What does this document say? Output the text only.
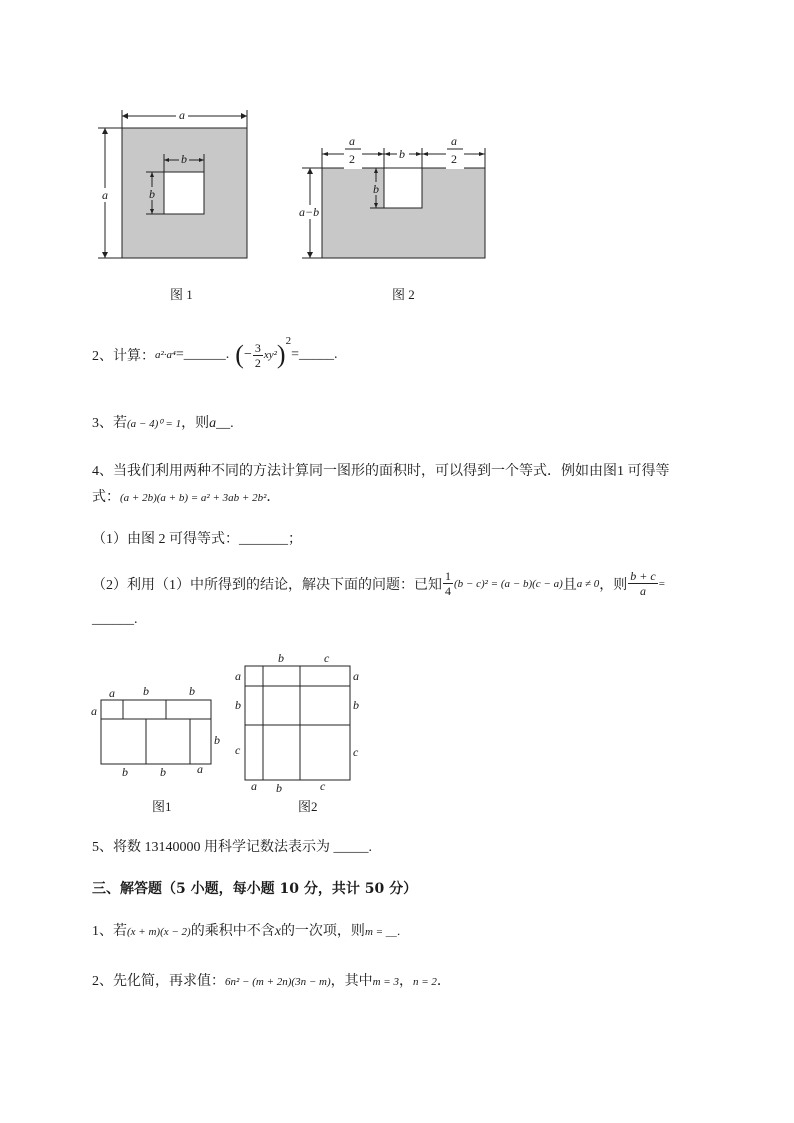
a
a
b
b
图 1
a
2	b
a
2
a−b
b
图 2
2、计算： a²·a⁴ =______. ( − $\frac{3}{2} xy^2$ ) 2
=_____.
3、若(a − 4)⁰ = 1，则a__.
4、当我们利用两种不同的方法计算同一图形的面积时，可以得到一个等式．例如由图1 可得等
式：(a + 2b)(a + b) = a² + 3ab + 2b²．
（1）由图 2 可得等式：_______；
（2）利用（1）中所得到的结论，解决下面的问题：已知 $\frac{1}{4} (b - c)^2 = (a - b)(c - a)$ 且 a ≠ 0 ，则 $\frac{b + c}{a}$ =
______.
a b	b
a
b
b	b	a
图1
b	c
a
b
c
a
b
c
a b	c
图2
5、将数 13140000 用科学记数法表示为 _____.
三、解答题（5 小题，每小题 10 分，共计 50 分）
1、若(x + m)(x − 2)的乘积中不含x的一次项，则m = __．
2、先化简，再求值：6n² − (m + 2n)(3n − m)，其中m = 3，n = 2．
